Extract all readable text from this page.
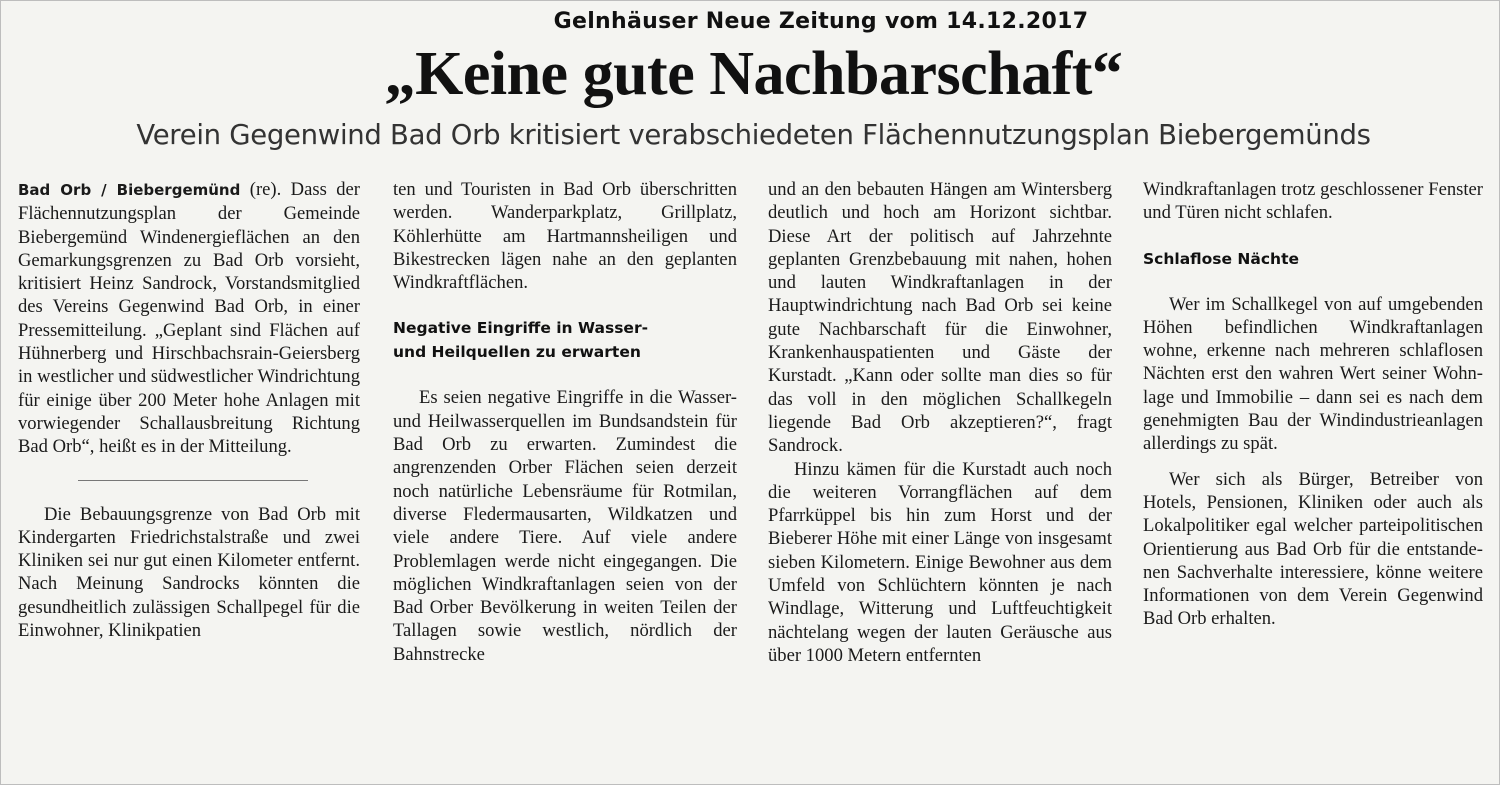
Gelnhäuser Neue Zeitung vom 14.12.2017
„Keine gute Nachbarschaft“
Verein Gegenwind Bad Orb kritisiert verabschiedeten Flächennutzungsplan Biebergemünds

Bad Orb / Biebergemünd (re). Dass der Flächennutzungsplan der Gemeinde Biebergemünd Windenergieflächen an den Gemarkungsgrenzen zu Bad Orb vorsieht, kritisiert Heinz Sandrock, Vorstandsmitglied des Vereins Gegenwind Bad Orb, in einer Pressemitteilung. „Geplant sind Flächen auf Hühnerberg und Hirschbachsrain-Geiersberg in westlicher und südwestlicher Windrichtung für einige über 200 Meter hohe Anlagen mit vorwiegender Schallausbreitung Richtung Bad Orb“, heißt es in der Mitteilung.

Die Bebauungsgrenze von Bad Orb mit Kindergarten Friedrichstalstraße und zwei Kliniken sei nur gut einen Kilometer entfernt. Nach Meinung Sandrocks könnten die gesundheitlich zulässigen Schallpegel für die Einwohner, Klinikpatien

ten und Touristen in Bad Orb überschritten werden. Wanderparkplatz, Grillplatz, Köhlerhütte am Hartmannsheiligen und Bikestrecken lägen nahe an den geplanten Windkraftflächen.

Negative Eingriffe in Wasser-
und Heilquellen zu erwarten

Es seien negative Eingriffe in die Wasser- und Heilwasserquellen im Bundsandstein für Bad Orb zu erwarten. Zumindest die angrenzenden Orber Flächen seien derzeit noch natürliche Lebensräume für Rotmilan, diverse Fledermausarten, Wildkatzen und viele andere Tiere. Auf viele andere Problemlagen werde nicht eingegangen. Die möglichen Windkraftanlagen seien von der Bad Orber Bevölkerung in weiten Teilen der Tallagen sowie westlich, nördlich der Bahnstrecke

und an den bebauten Hängen am Wintersberg deutlich und hoch am Horizont sichtbar. Diese Art der politisch auf Jahrzehnte geplanten Grenzbebauung mit nahen, hohen und lauten Windkraftanlagen in der Hauptwindrichtung nach Bad Orb sei keine gute Nachbarschaft für die Einwohner, Krankenhauspatienten und Gäste der Kurstadt. „Kann oder sollte man dies so für das voll in den möglichen Schallkegeln liegende Bad Orb akzeptieren?“, fragt Sandrock.

Hinzu kämen für die Kurstadt auch noch die weiteren Vorrangflächen auf dem Pfarrküppel bis hin zum Horst und der Bieberer Höhe mit einer Länge von insgesamt sieben Kilometern. Einige Bewohner aus dem Umfeld von Schlüchtern könnten je nach Windlage, Witterung und Luftfeuchtigkeit nächtelang wegen der lauten Geräusche aus über 1000 Metern entfernten

Windkraftanlagen trotz geschlossener Fenster und Türen nicht schlafen.

Schlaflose Nächte

Wer im Schallkegel von auf umgebenden Höhen befindlichen Windkraftanlagen wohne, erkenne nach mehreren schlaflosen Nächten erst den wahren Wert seiner Wohnlage und Immobilie – dann sei es nach dem genehmigten Bau der Windindustrieanlagen allerdings zu spät.

Wer sich als Bürger, Betreiber von Hotels, Pensionen, Kliniken oder auch als Lokalpolitiker egal welcher parteipolitischen Orientierung aus Bad Orb für die entstandenen Sachverhalte interessiere, könne weitere Informationen von dem Verein Gegenwind Bad Orb erhalten.
